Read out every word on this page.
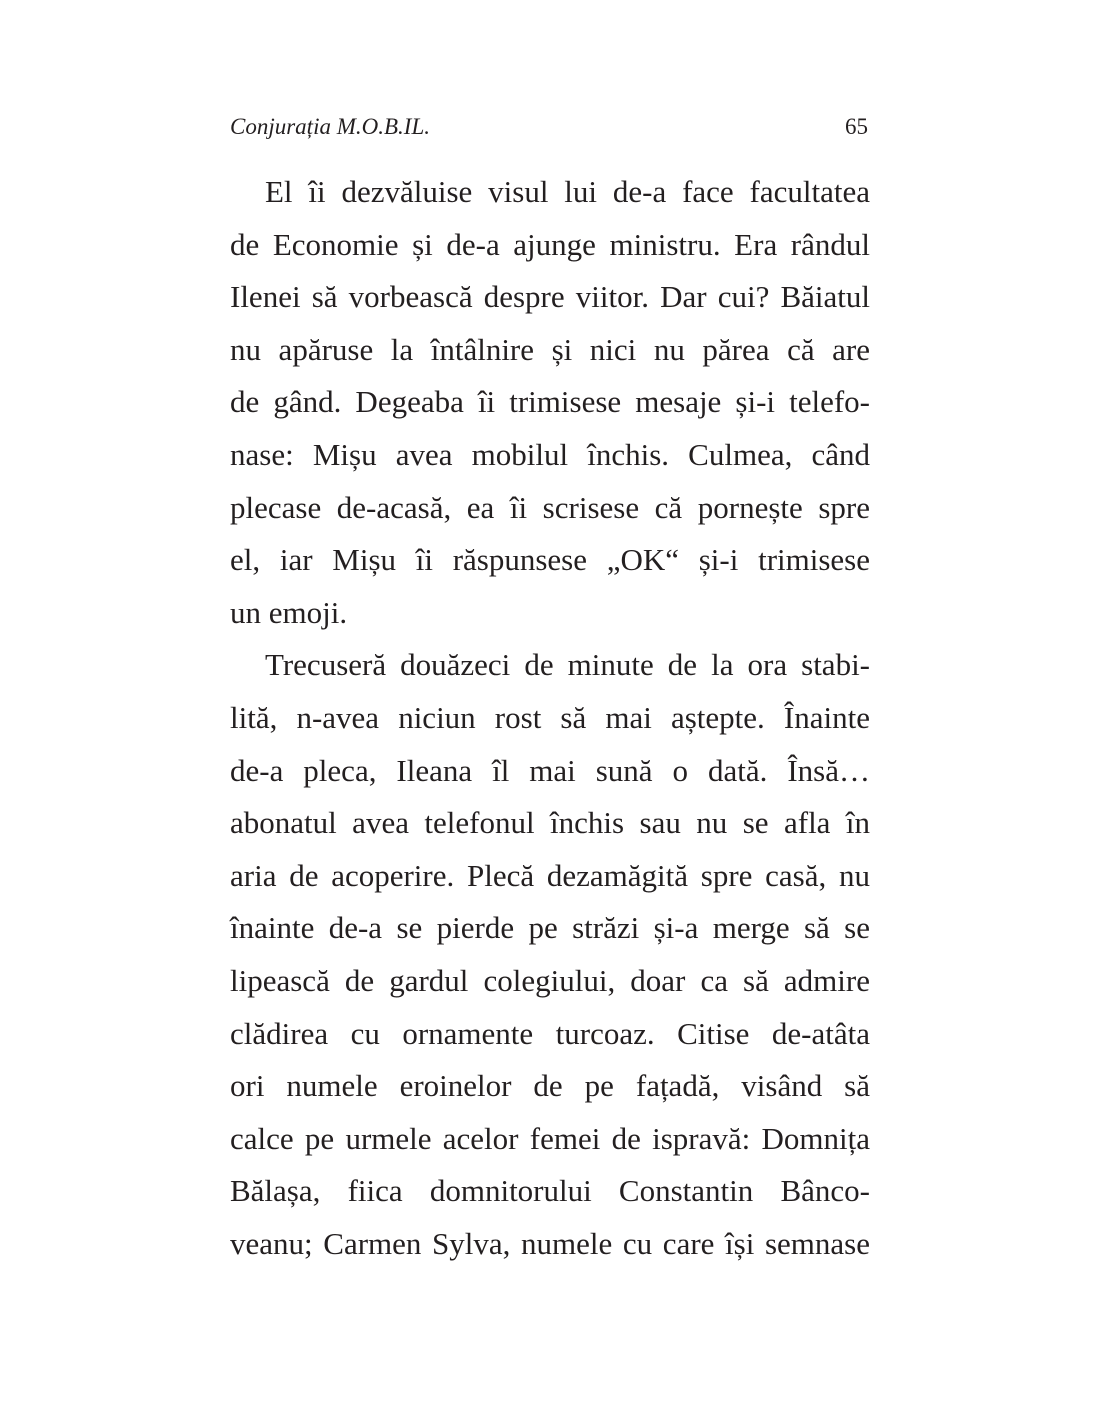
Conjurația M.O.B.IL.	65
El îi dezvăluise visul lui de-a face facultatea
de Economie și de-a ajunge ministru. Era rândul
Ilenei să vorbească despre viitor. Dar cui? Băiatul
nu apăruse la întâlnire și nici nu părea că are
de gând. Degeaba îi trimisese mesaje și-i telefo-
nase: Mișu avea mobilul închis. Culmea, când
plecase de-acasă, ea îi scrisese că pornește spre
el, iar Mișu îi răspunsese „OK“ și-i trimisese
un emoji.
Trecuseră douăzeci de minute de la ora stabi-
lită, n-avea niciun rost să mai aștepte. Înainte
de-a pleca, Ileana îl mai sună o dată. Însă…
abonatul avea telefonul închis sau nu se afla în
aria de acoperire. Plecă dezamăgită spre casă, nu
înainte de-a se pierde pe străzi și-a merge să se
lipească de gardul colegiului, doar ca să admire
clădirea cu ornamente turcoaz. Citise de-atâta
ori numele eroinelor de pe fațadă, visând să
calce pe urmele acelor femei de ispravă: Domnița
Bălașa, fiica domnitorului Constantin Bânco-
veanu; Carmen Sylva, numele cu care își semnase
